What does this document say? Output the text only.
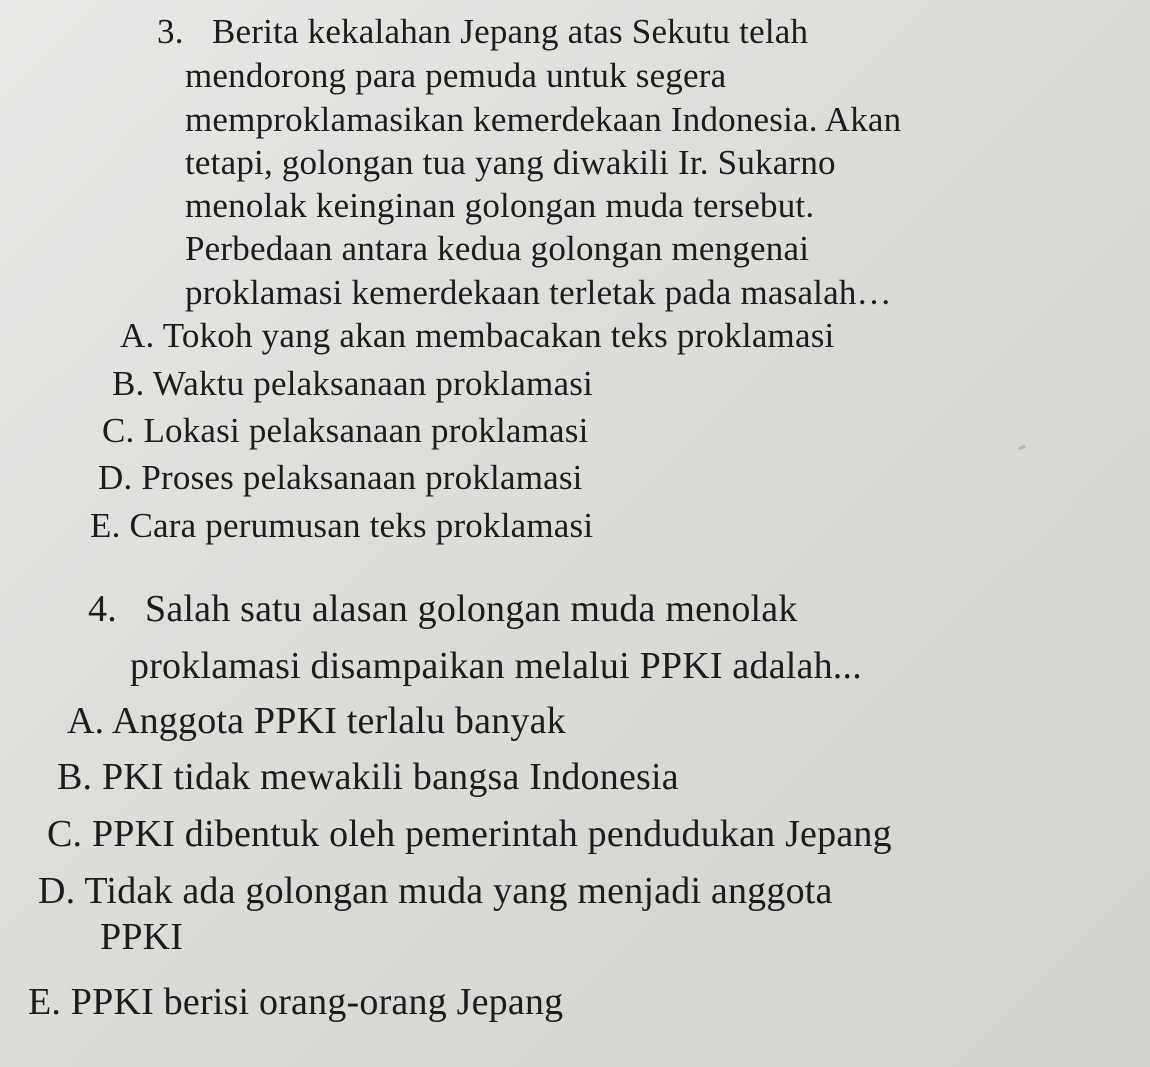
3. Berita kekalahan Jepang atas Sekutu telah
mendorong para pemuda untuk segera
memproklamasikan kemerdekaan Indonesia. Akan
tetapi, golongan tua yang diwakili Ir. Sukarno
menolak keinginan golongan muda tersebut.
Perbedaan antara kedua golongan mengenai
proklamasi kemerdekaan terletak pada masalah…
A. Tokoh yang akan membacakan teks proklamasi
B. Waktu pelaksanaan proklamasi
C. Lokasi pelaksanaan proklamasi
D. Proses pelaksanaan proklamasi
E. Cara perumusan teks proklamasi
4. Salah satu alasan golongan muda menolak
proklamasi disampaikan melalui PPKI adalah...
A. Anggota PPKI terlalu banyak
B. PKI tidak mewakili bangsa Indonesia
C. PPKI dibentuk oleh pemerintah pendudukan Jepang
D. Tidak ada golongan muda yang menjadi anggota
PPKI
E. PPKI berisi orang-orang Jepang
